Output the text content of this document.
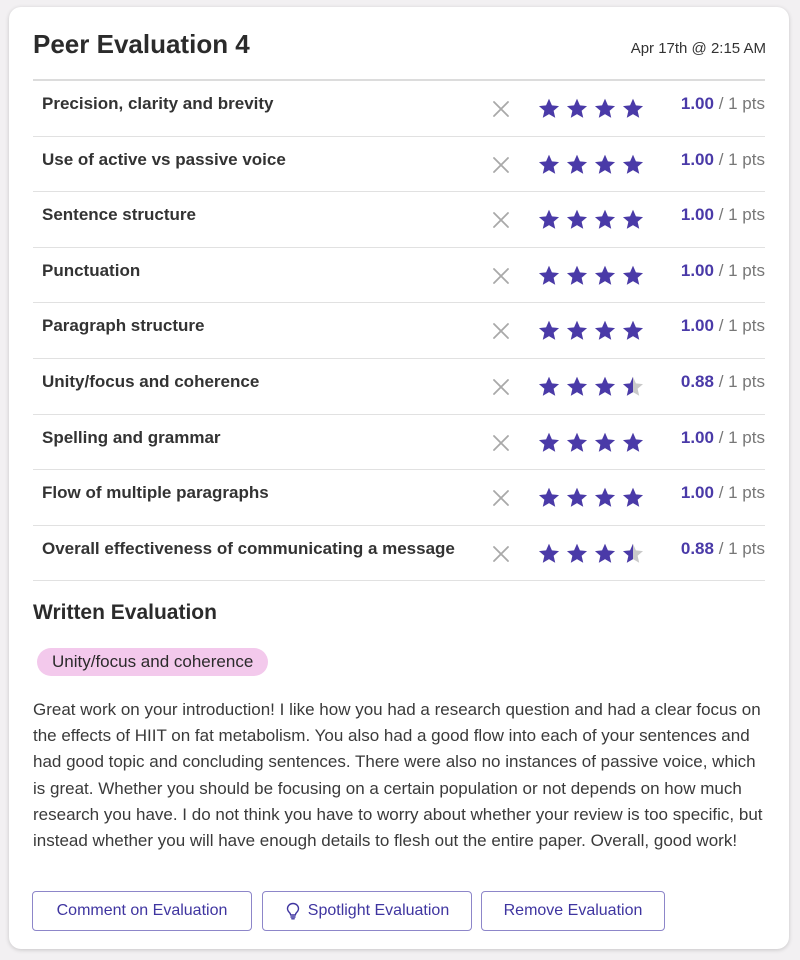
Peer Evaluation 4	Apr 17th @ 2:15 AM
Precision, clarity and brevity	1.00 / 1 pts
Use of active vs passive voice	1.00 / 1 pts
Sentence structure	1.00 / 1 pts
Punctuation	1.00 / 1 pts
Paragraph structure	1.00 / 1 pts
Unity/focus and coherence	0.88 / 1 pts
Spelling and grammar	1.00 / 1 pts
Flow of multiple paragraphs	1.00 / 1 pts
Overall effectiveness of communicating a message	0.88 / 1 pts
Written Evaluation
Unity/focus and coherence

Great work on your introduction! I like how you had a research question and had a clear focus on the effects of HIIT on fat metabolism. You also had a good flow into each of your sentences and had good topic and concluding sentences. There were also no instances of passive voice, which is great. Whether you should be focusing on a certain population or not depends on how much research you have. I do not think you have to worry about whether your review is too specific, but instead whether you will have enough details to flesh out the entire paper. Overall, good work!

Comment on Evaluation	Spotlight Evaluation	Remove Evaluation
